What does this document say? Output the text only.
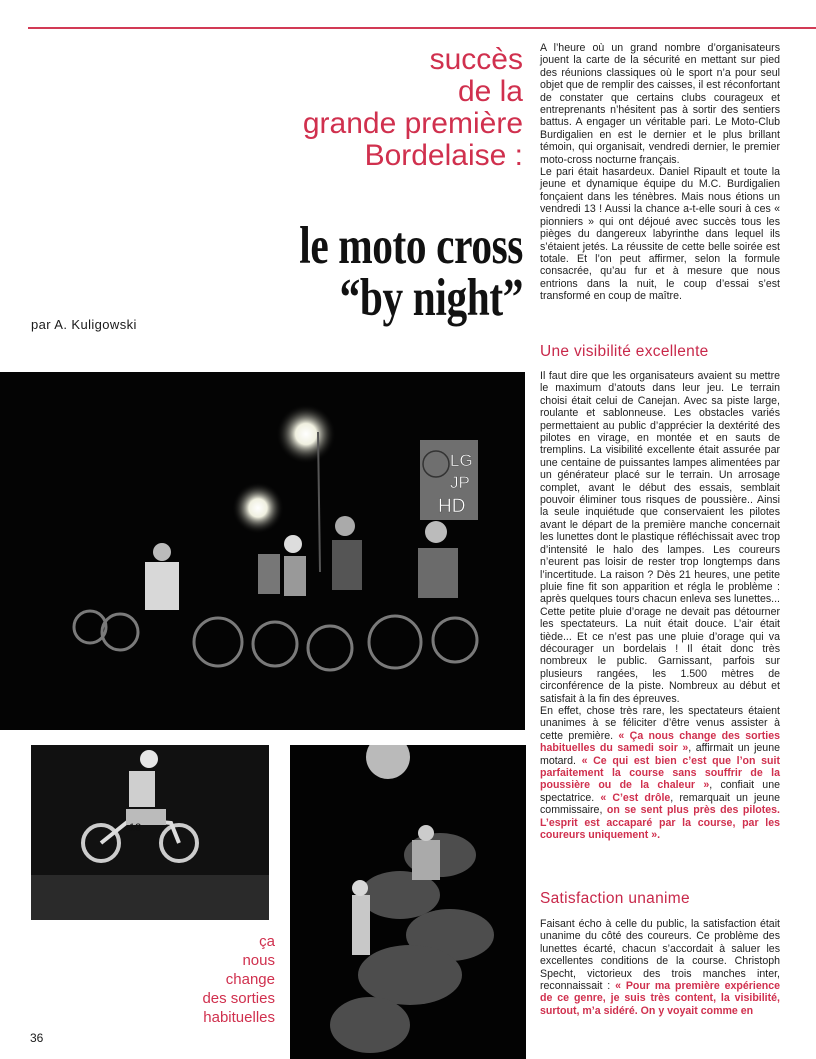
succès
de la
grande première
Bordelaise :
le moto cross
“by night”
par A. Kuligowski

A l’heure où un grand nombre d’organisateurs jouent la carte de la sécurité en mettant sur pied des réunions classiques où le sport n’a pour seul objet que de remplir des caisses, il est réconfortant de constater que certains clubs courageux et entreprenants n’hésitent pas à sortir des sentiers battus. A engager un véritable pari. Le Moto-Club Burdigalien en est le dernier et le plus brillant témoin, qui organisait, vendredi dernier, le premier moto-cross nocturne français.

Le pari était hasardeux. Daniel Ripault et toute la jeune et dynamique équipe du M.C. Burdigalien fonçaient dans les ténèbres. Mais nous étions un vendredi 13 ! Aussi la chance a-t-elle souri à ces « pionniers » qui ont déjoué avec succès tous les pièges du dangereux labyrinthe dans lequel ils s’étaient jetés. La réussite de cette belle soirée est totale. Et l’on peut affirmer, selon la formule consacrée, qu’au fur et à mesure que nous entrions dans la nuit, le coup d’essai s’est transformé en coup de maître.

Une visibilité excellente

Il faut dire que les organisateurs avaient su mettre le maximum d’atouts dans leur jeu. Le terrain choisi était celui de Canejan. Avec sa piste large, roulante et sablonneuse. Les obstacles variés permettaient au public d’apprécier la dextérité des pilotes en virage, en montée et en sauts de tremplins. La visibilité excellente était assurée par une centaine de puissantes lampes alimentées par un générateur placé sur le terrain. Un arrosage complet, avant le début des essais, semblait pouvoir éliminer tous risques de poussière.. Ainsi la seule inquiétude que conservaient les pilotes avant le départ de la première manche concernait les lunettes dont le plastique réfléchissait avec trop d’intensité le halo des lampes. Les coureurs n’eurent pas loisir de rester trop longtemps dans l’incertitude. La raison ? Dès 21 heures, une petite pluie fine fit son apparition et régla le problème : après quelques tours chacun enleva ses lunettes... Cette petite pluie d’orage ne devait pas détourner les spectateurs. La nuit était douce. L’air était tiède... Et ce n’est pas une pluie d’orage qui va décourager un bordelais ! Il était donc très nombreux le public. Garnissant, parfois sur plusieurs rangées, les 1.500 mètres de circonférence de la piste. Nombreux au début et satisfait à la fin des épreuves.

En effet, chose très rare, les spectateurs étaient unanimes à se féliciter d’être venus assister à cette première. « Ça nous change des sorties habituelles du samedi soir », affirmait un jeune motard. « Ce qui est bien c’est que l’on suit parfaitement la course sans souffrir de la poussière ou de la chaleur », confiait une spectatrice. « C’est drôle, remarquait un jeune commissaire, on se sent plus près des pilotes. L’esprit est accaparé par la course, par les coureurs uniquement ».

Satisfaction unanime

Faisant écho à celle du public, la satisfaction était unanime du côté des coureurs. Ce problème des lunettes écarté, chacun s’accordait à saluer les excellentes conditions de la course. Christoph Specht, victorieux des trois manches inter, reconnaissait : « Pour ma première expérience de ce genre, je suis très content, la visibilité, surtout, m’a sidéré. On y voyait comme en

LG
JP
HD
13
ça
nous
change
des sorties
habituelles
36
